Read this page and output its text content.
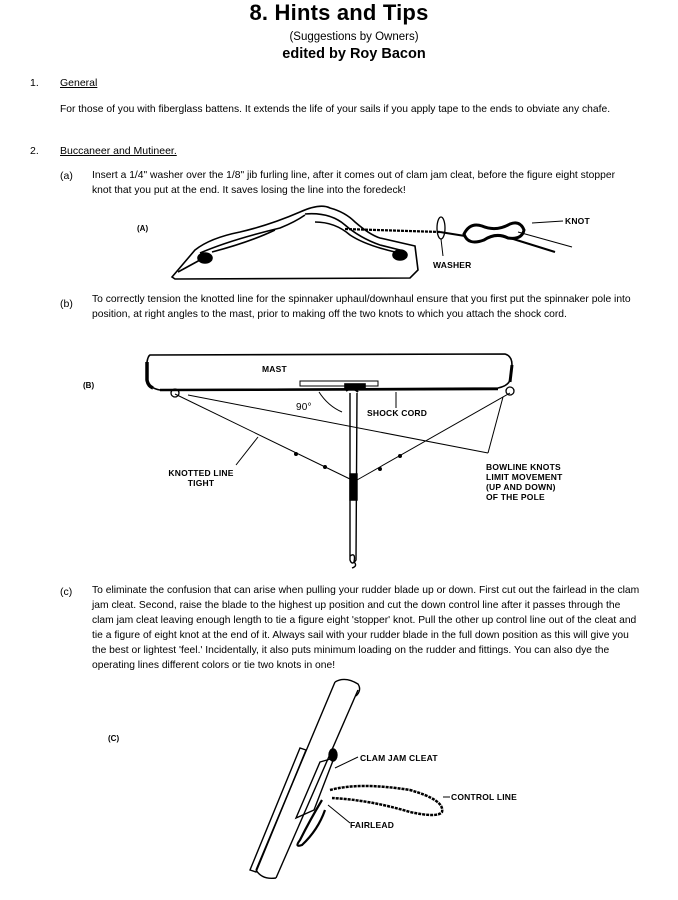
8. Hints and Tips
(Suggestions by Owners)
edited by Roy Bacon
1. General
For those of you with fiberglass battens. It extends the life of your sails if you apply tape to the ends to obviate any chafe.
2. Buccaneer and Mutineer.
(a) Insert a 1/4" washer over the 1/8" jib furling line, after it comes out of clam jam cleat, before the figure eight stopper knot that you put at the end. It saves losing the line into the foredeck!
(A)
KNOT
WASHER
(b) To correctly tension the knotted line for the spinnaker uphaul/downhaul ensure that you first put the spinnaker pole into position, at right angles to the mast, prior to making off the two knots to which you attach the shock cord.
(B)
MAST
90°	SHOCK CORD
KNOTTED LINE
TIGHT
BOWLINE KNOTS
LIMIT MOVEMENT
(UP AND DOWN)
OF THE POLE
(c) To eliminate the confusion that can arise when pulling your rudder blade up or down. First cut out the fairlead in the clam jam cleat. Second, raise the blade to the highest up position and cut the down control line after it passes through the clam jam cleat leaving enough length to tie a figure eight 'stopper' knot. Pull the other up control line out of the cleat and tie a figure of eight knot at the end of it. Always sail with your rudder blade in the full down position as this will give you the best or lightest 'feel.' Incidentally, it also puts minimum loading on the rudder and fittings. You can also dye the operating lines different colors or tie two knots in one!
(C)
CLAM JAM CLEAT
CONTROL LINE
FAIRLEAD
